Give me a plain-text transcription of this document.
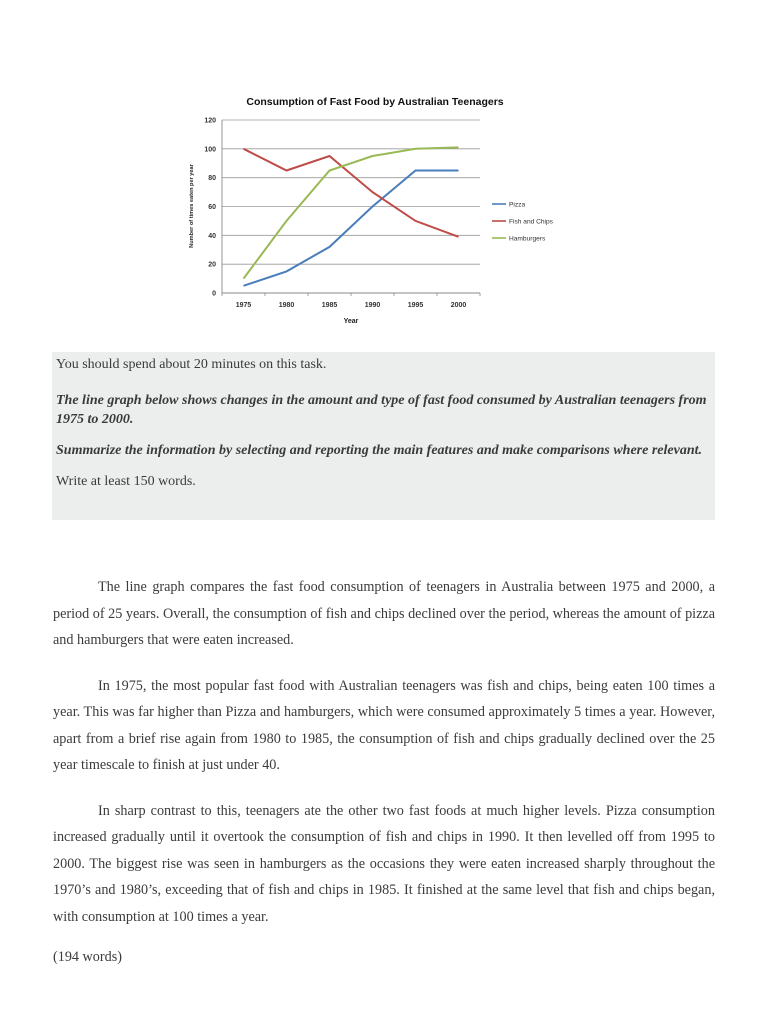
0
20
40
60
80
100
120
1975	1980	1985	1990	1995	2000
Pizza
Fish and Chips
Hamburgers
Consumption of Fast Food by Australian Teenagers
Year
Number of times eaten per year

You should spend about 20 minutes on this task.

The line graph below shows changes in the amount and type of fast food consumed by Australian teenagers from 1975 to 2000.

Summarize the information by selecting and reporting the main features and make comparisons where relevant.

Write at least 150 words.

The line graph compares the fast food consumption of teenagers in Australia between 1975 and 2000, a period of 25 years. Overall, the consumption of fish and chips declined over the period, whereas the amount of pizza and hamburgers that were eaten increased.

In 1975, the most popular fast food with Australian teenagers was fish and chips, being eaten 100 times a year. This was far higher than Pizza and hamburgers, which were consumed approximately 5 times a year. However, apart from a brief rise again from 1980 to 1985, the consumption of fish and chips gradually declined over the 25 year timescale to finish at just under 40.

In sharp contrast to this, teenagers ate the other two fast foods at much higher levels. Pizza consumption increased gradually until it overtook the consumption of fish and chips in 1990. It then levelled off from 1995 to 2000. The biggest rise was seen in hamburgers as the occasions they were eaten increased sharply throughout the 1970’s and 1980’s, exceeding that of fish and chips in 1985. It finished at the same level that fish and chips began, with consumption at 100 times a year.

(194 words)
